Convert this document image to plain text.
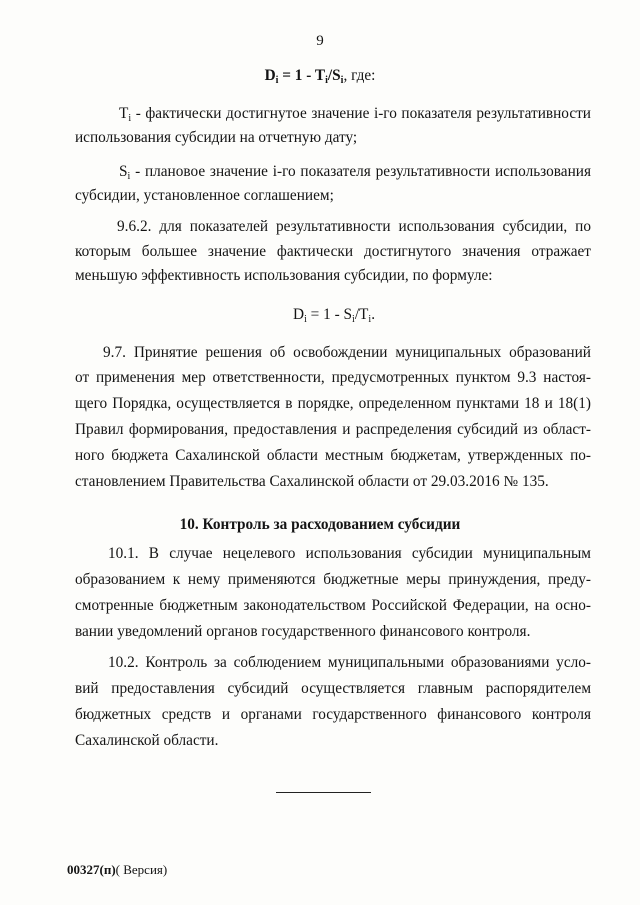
9
$D_i = 1 - T_i/S_i$, где:
$T_i$ - фактически достигнутое значение i-го показателя результативности
использования субсидии на отчетную дату;
$S_i$ - плановое значение i-го показателя результативности использования
субсидии, установленное соглашением;
9.6.2. для показателей результативности использования субсидии, по
которым большее значение фактически достигнутого значения отражает
меньшую эффективность использования субсидии, по формуле:
$D_i = 1 - S_i/T_i$.
9.7. Принятие решения об освобождении муниципальных образований
от применения мер ответственности, предусмотренных пунктом 9.3 настоя-
щего Порядка, осуществляется в порядке, определенном пунктами 18 и 18(1)
Правил формирования, предоставления и распределения субсидий из област-
ного бюджета Сахалинской области местным бюджетам, утвержденных по-
становлением Правительства Сахалинской области от 29.03.2016 № 135.
10. Контроль за расходованием субсидии
10.1. В случае нецелевого использования субсидии муниципальным
образованием к нему применяются бюджетные меры принуждения, преду-
смотренные бюджетным законодательством Российской Федерации, на осно-
вании уведомлений органов государственного финансового контроля.
10.2. Контроль за соблюдением муниципальными образованиями усло-
вий предоставления субсидий осуществляется главным распорядителем
бюджетных средств и органами государственного финансового контроля
Сахалинской области.
00327(п)( Версия)
